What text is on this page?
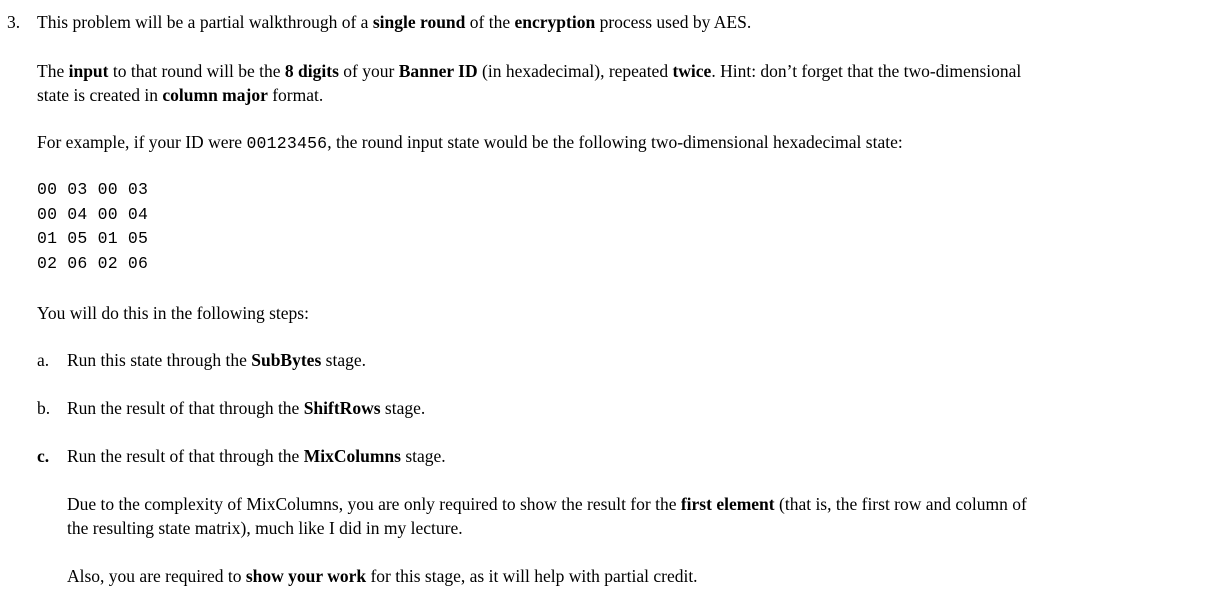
3. This problem will be a partial walkthrough of a single round of the encryption process used by AES.
The input to that round will be the 8 digits of your Banner ID (in hexadecimal), repeated twice. Hint: don’t forget that the two-dimensional
state is created in column major format.
For example, if your ID were 00123456, the round input state would be the following two-dimensional hexadecimal state:
00 03 00 03
00 04 00 04
01 05 01 05
02 06 02 06
You will do this in the following steps:
a. Run this state through the SubBytes stage.
b. Run the result of that through the ShiftRows stage.
c. Run the result of that through the MixColumns stage.
Due to the complexity of MixColumns, you are only required to show the result for the first element (that is, the first row and column of
the resulting state matrix), much like I did in my lecture.
Also, you are required to show your work for this stage, as it will help with partial credit.
